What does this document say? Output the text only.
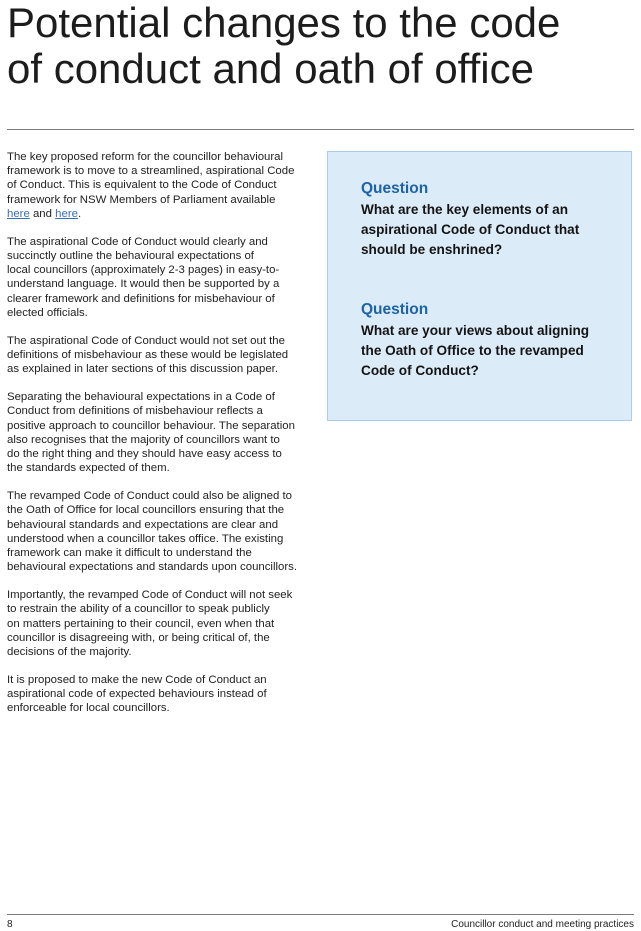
Potential changes to the code
of conduct and oath of office

The key proposed reform for the councillor behavioural
framework is to move to a streamlined, aspirational Code
of Conduct. This is equivalent to the Code of Conduct
framework for NSW Members of Parliament available
here and here.

The aspirational Code of Conduct would clearly and
succinctly outline the behavioural expectations of
local councillors (approximately 2-3 pages) in easy-to-
understand language. It would then be supported by a
clearer framework and definitions for misbehaviour of
elected officials.

The aspirational Code of Conduct would not set out the
definitions of misbehaviour as these would be legislated
as explained in later sections of this discussion paper.

Separating the behavioural expectations in a Code of
Conduct from definitions of misbehaviour reflects a
positive approach to councillor behaviour. The separation
also recognises that the majority of councillors want to
do the right thing and they should have easy access to
the standards expected of them.

The revamped Code of Conduct could also be aligned to
the Oath of Office for local councillors ensuring that the
behavioural standards and expectations are clear and
understood when a councillor takes office. The existing
framework can make it difficult to understand the
behavioural expectations and standards upon councillors.

Importantly, the revamped Code of Conduct will not seek
to restrain the ability of a councillor to speak publicly
on matters pertaining to their council, even when that
councillor is disagreeing with, or being critical of, the
decisions of the majority.

It is proposed to make the new Code of Conduct an
aspirational code of expected behaviours instead of
enforceable for local councillors.

Question
What are the key elements of an
aspirational Code of Conduct that
should be enshrined?
Question
What are your views about aligning
the Oath of Office to the revamped
Code of Conduct?
8	Councillor conduct and meeting practices
